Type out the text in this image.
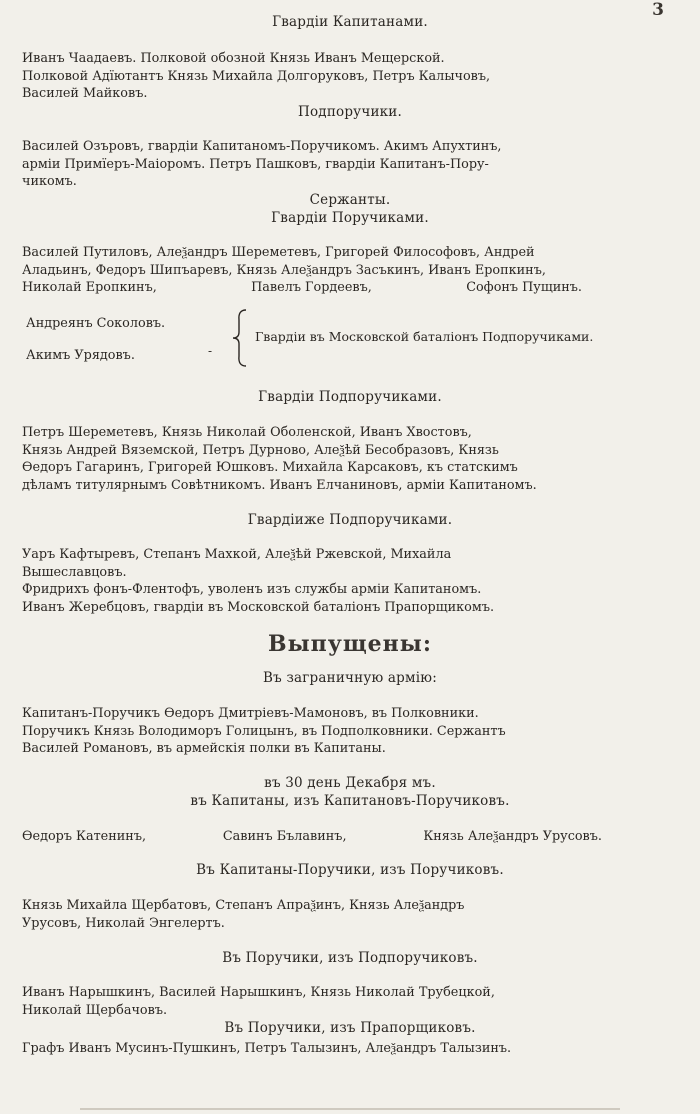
3
Гвардіи Капитанами.
Иванъ Чаадаевъ. Полковой обозной Князь Иванъ Мещерской.
Полковой Адїютантъ Князь Михайла Долгоруковъ, Петръ Калычовъ,
Василей Майковъ.
Подпоручики.
Василей Озъровъ, гвардіи Капитаномъ-Поручикомъ. Акимъ Апухтинъ,
арміи Примїеръ-Маіоромъ. Петръ Пашковъ, гвардіи Капитанъ-Пору-
чикомъ.
Сержанты.
Гвардіи Поручиками.
Василей Путиловъ, Алеѯандръ Шереметевъ, Григорей Философовъ, Андрей
Аладьинъ, Федоръ Шипъаревъ, Князь Алеѯандръ Засъкинъ, Иванъ Еропкинъ,
Николай Еропкинъ,	Павелъ Гордеевъ,	Софонъ Пущинъ.
Андреянъ Соколовъ.
Акимъ Урядовъ.	-
Гвардіи въ Московской баталіонъ Подпоручиками.
Гвардіи Подпоручиками.
Петръ Шереметевъ, Князь Николай Оболенской, Иванъ Хвостовъ,
Князь Андрей Вяземской, Петръ Дурново, Алеѯѣй Бесобразовъ, Князь
Өедоръ Гагаринъ, Григорей Юшковъ. Михайла Карсаковъ, къ статскимъ
дѣламъ титулярнымъ Совѣтникомъ. Иванъ Елчаниновъ, арміи Капитаномъ.
Гвардіиже Подпоручиками.
Уаръ Кафтыревъ, Степанъ Махкой, Алеѯѣй Ржевской, Михайла
Вышеславцовъ.
Фридрихъ фонъ-Флентофъ, уволенъ изъ службы арміи Капитаномъ.
Иванъ Жеребцовъ, гвардіи въ Московской баталіонъ Прапорщикомъ.
Выпущены:
Въ заграничную армію:
Капитанъ-Поручикъ Өедоръ Дмитріевъ-Мамоновъ, въ Полковники.
Поручикъ Князь Володиморъ Голицынъ, въ Подполковники. Сержантъ
Василей Романовъ, въ армейскія полки въ Капитаны.
въ 30 день Декабря мъ.
въ Капитаны, изъ Капитановъ-Поручиковъ.
Өедоръ Катенинъ,	Савинъ Бълавинъ,	Князь Алеѯандръ Урусовъ.
Въ Капитаны-Поручики, изъ Поручиковъ.
Князь Михайла Щербатовъ, Степанъ Апраѯинъ, Князь Алеѯандръ
Урусовъ, Николай Энгелертъ.
Въ Поручики, изъ Подпоручиковъ.
Иванъ Нарышкинъ, Василей Нарышкинъ, Князь Николай Трубецкой,
Николай Щербачовъ.
Въ Поручики, изъ Прапорщиковъ.
Графъ Иванъ Мусинъ-Пушкинъ, Петръ Талызинъ, Алеѯандръ Талызинъ.
